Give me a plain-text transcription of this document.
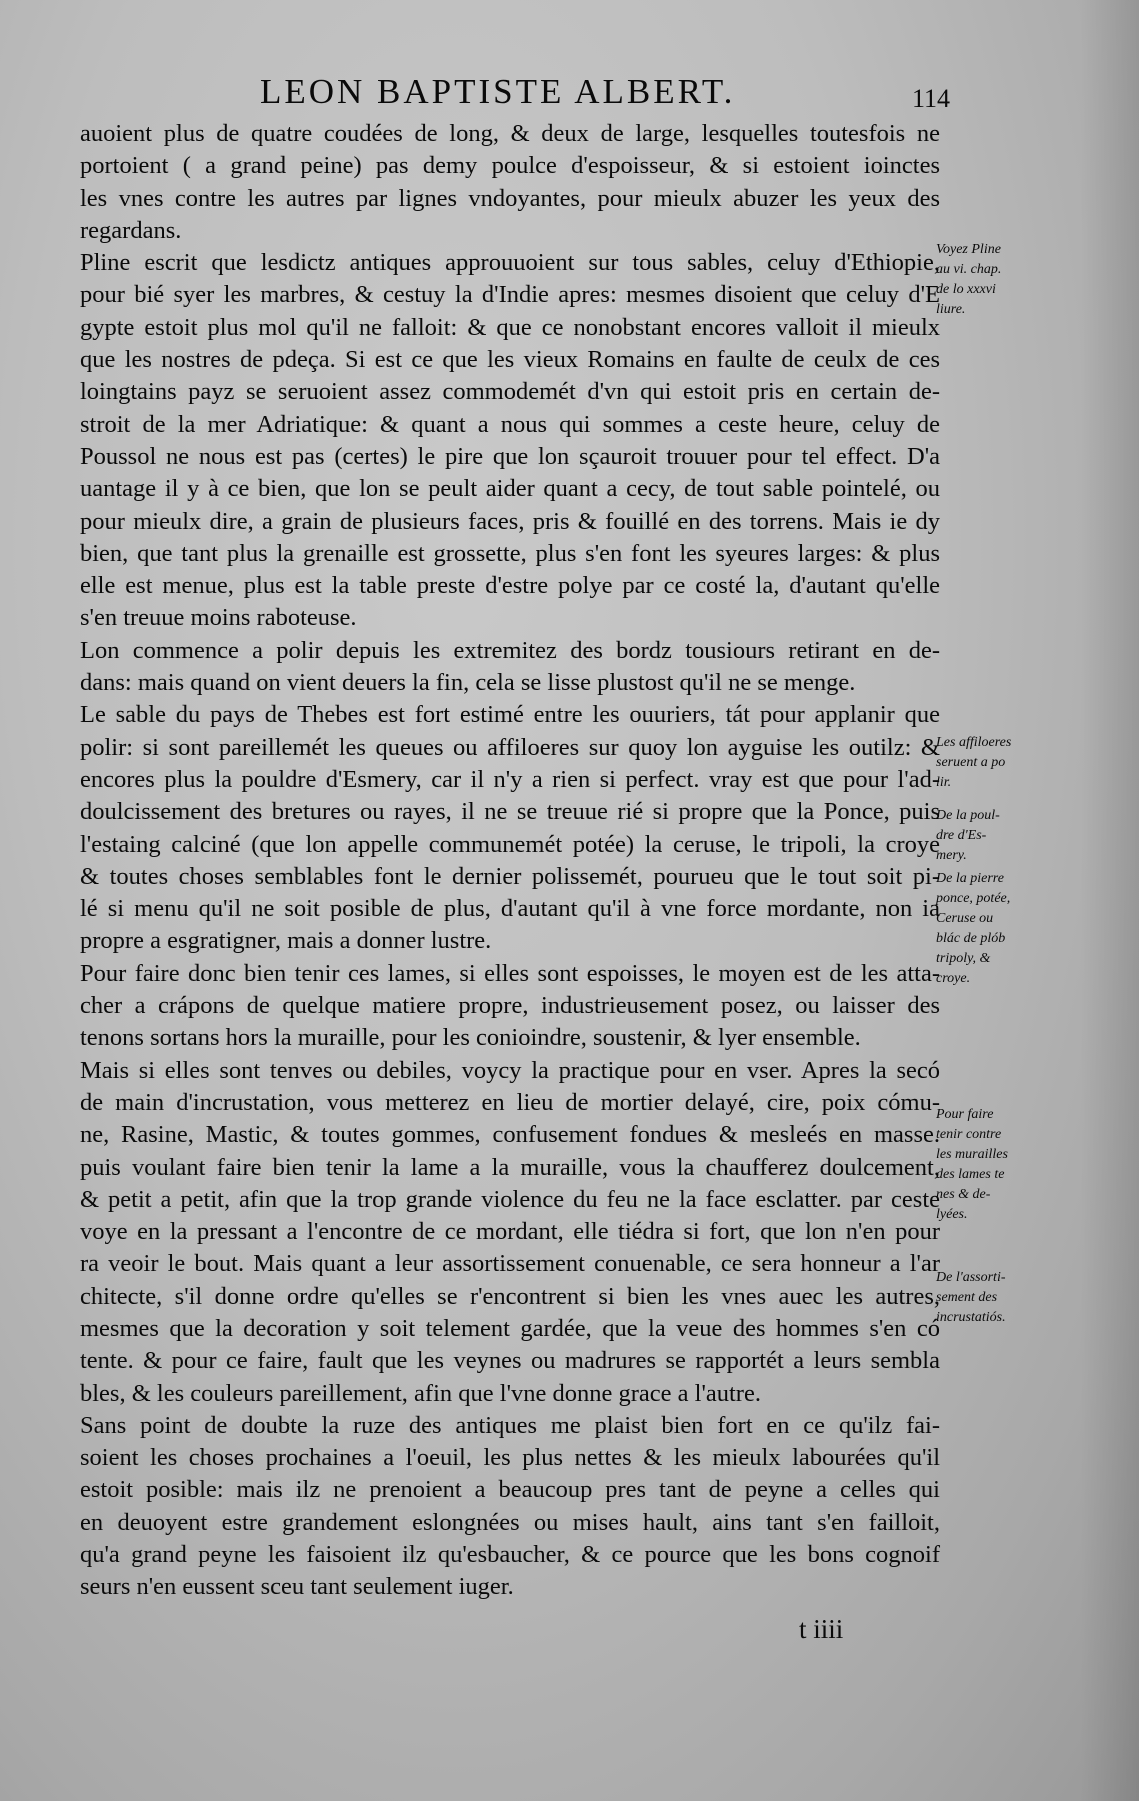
LEON BAPTISTE ALBERT.	114
auoient plus de quatre coudées de long, & deux de large, lesquelles toutesfois ne
portoient ( a grand peine) pas demy poulce d'espoisseur, & si estoient ioinctes
les vnes contre les autres par lignes vndoyantes, pour mieulx abuzer les yeux des
regardans.
Pline escrit que lesdictz antiques approuuoient sur tous sables, celuy d'Ethiopie,
pour bié syer les marbres, & cestuy la d'Indie apres: mesmes disoient que celuy d'E
gypte estoit plus mol qu'il ne falloit: & que ce nonobstant encores valloit il mieulx
que les nostres de pdeça. Si est ce que les vieux Romains en faulte de ceulx de ces
loingtains payz se seruoient assez commodemét d'vn qui estoit pris en certain de-
stroit de la mer Adriatique: & quant a nous qui sommes a ceste heure, celuy de
Poussol ne nous est pas (certes) le pire que lon sçauroit trouuer pour tel effect. D'a
uantage il y à ce bien, que lon se peult aider quant a cecy, de tout sable pointelé, ou
pour mieulx dire, a grain de plusieurs faces, pris & fouillé en des torrens. Mais ie dy
bien, que tant plus la grenaille est grossette, plus s'en font les syeures larges: & plus
elle est menue, plus est la table preste d'estre polye par ce costé la, d'autant qu'elle
s'en treuue moins raboteuse.
Lon commence a polir depuis les extremitez des bordz tousiours retirant en de-
dans: mais quand on vient deuers la fin, cela se lisse plustost qu'il ne se menge.
Le sable du pays de Thebes est fort estimé entre les ouuriers, tát pour applanir que
polir: si sont pareillemét les queues ou affiloeres sur quoy lon ayguise les outilz: &
encores plus la pouldre d'Esmery, car il n'y a rien si perfect. vray est que pour l'ad-
doulcissement des bretures ou rayes, il ne se treuue rié si propre que la Ponce, puis
l'estaing calciné (que lon appelle communemét potée) la ceruse, le tripoli, la croye
& toutes choses semblables font le dernier polissemét, pourueu que le tout soit pi-
lé si menu qu'il ne soit posible de plus, d'autant qu'il à vne force mordante, non ia
propre a esgratigner, mais a donner lustre.
Pour faire donc bien tenir ces lames, si elles sont espoisses, le moyen est de les atta-
cher a crápons de quelque matiere propre, industrieusement posez, ou laisser des
tenons sortans hors la muraille, pour les conioindre, soustenir, & lyer ensemble.
Mais si elles sont tenves ou debiles, voycy la practique pour en vser. Apres la secó
de main d'incrustation, vous metterez en lieu de mortier delayé, cire, poix cómu-
ne, Rasine, Mastic, & toutes gommes, confusement fondues & mesleés en masse.
puis voulant faire bien tenir la lame a la muraille, vous la chaufferez doulcement,
& petit a petit, afin que la trop grande violence du feu ne la face esclatter. par ceste
voye en la pressant a l'encontre de ce mordant, elle tiédra si fort, que lon n'en pour
ra veoir le bout. Mais quant a leur assortissement conuenable, ce sera honneur a l'ar
chitecte, s'il donne ordre qu'elles se r'encontrent si bien les vnes auec les autres,
mesmes que la decoration y soit telement gardée, que la veue des hommes s'en có
tente. & pour ce faire, fault que les veynes ou madrures se rapportét a leurs sembla
bles, & les couleurs pareillement, afin que l'vne donne grace a l'autre.
Sans point de doubte la ruze des antiques me plaist bien fort en ce qu'ilz fai-
soient les choses prochaines a l'oeuil, les plus nettes & les mieulx labourées qu'il
estoit posible: mais ilz ne prenoient a beaucoup pres tant de peyne a celles qui
en deuoyent estre grandement eslongnées ou mises hault, ains tant s'en failloit,
qu'a grand peyne les faisoient ilz qu'esbaucher, & ce pource que les bons cognoif
seurs n'en eussent sceu tant seulement iuger.
Voyez Pline
au vi. chap.
de lo xxxvi
liure.
Les affiloeres
seruent a po
lir.
De la poul-
dre d'Es-
mery.
De la pierre
ponce, potée,
Ceruse ou
blác de plób
tripoly, &
croye.
Pour faire
tenir contre
les murailles
des lames te
nes & de-
lyées.
De l'assorti-
sement des
incrustatiós.
t iiii
